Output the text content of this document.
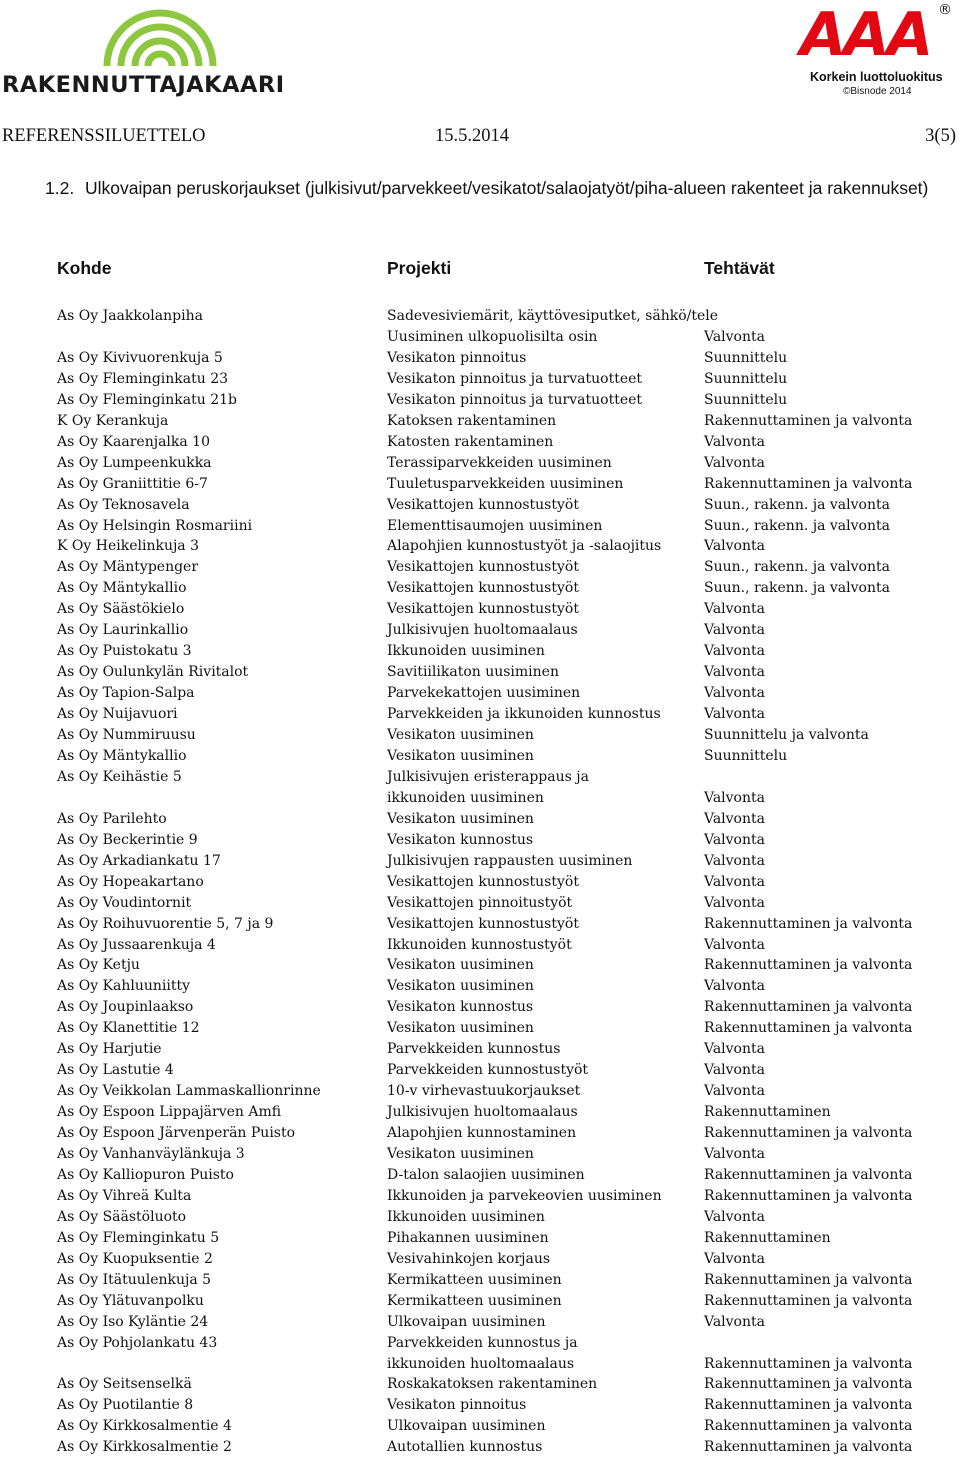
RAKENNUTTAJAKAARI
AAA ®
Korkein luottoluokitus
©Bisnode 2014
REFERENSSILUETTELO	15.5.2014	3(5)
1.2. Ulkovaipan peruskorjaukset (julkisivut/parvekkeet/vesikatot/salaojatyöt/piha-alueen rakenteet ja rakennukset)
Kohde	Projekti	Tehtävät
As Oy Jaakkolanpiha	Sadevesiviemärit, käyttövesiputket, sähkö/tele
Uusiminen ulkopuolisilta osin	Valvonta
As Oy Kivivuorenkuja 5	Vesikaton pinnoitus	Suunnittelu
As Oy Fleminginkatu 23	Vesikaton pinnoitus ja turvatuotteet	Suunnittelu
As Oy Fleminginkatu 21b	Vesikaton pinnoitus ja turvatuotteet	Suunnittelu
K Oy Kerankuja	Katoksen rakentaminen	Rakennuttaminen ja valvonta
As Oy Kaarenjalka 10	Katosten rakentaminen	Valvonta
As Oy Lumpeenkukka	Terassiparvekkeiden uusiminen	Valvonta
As Oy Graniittitie 6-7	Tuuletusparvekkeiden uusiminen	Rakennuttaminen ja valvonta
As Oy Teknosavela	Vesikattojen kunnostustyöt	Suun., rakenn. ja valvonta
As Oy Helsingin Rosmariini	Elementtisaumojen uusiminen	Suun., rakenn. ja valvonta
K Oy Heikelinkuja 3	Alapohjien kunnostustyöt ja -salaojitus	Valvonta
As Oy Mäntypenger	Vesikattojen kunnostustyöt	Suun., rakenn. ja valvonta
As Oy Mäntykallio	Vesikattojen kunnostustyöt	Suun., rakenn. ja valvonta
As Oy Säästökielo	Vesikattojen kunnostustyöt	Valvonta
As Oy Laurinkallio	Julkisivujen huoltomaalaus	Valvonta
As Oy Puistokatu 3	Ikkunoiden uusiminen	Valvonta
As Oy Oulunkylän Rivitalot	Savitiilikaton uusiminen	Valvonta
As Oy Tapion-Salpa	Parvekekattojen uusiminen	Valvonta
As Oy Nuijavuori	Parvekkeiden ja ikkunoiden kunnostus	Valvonta
As Oy Nummiruusu	Vesikaton uusiminen	Suunnittelu ja valvonta
As Oy Mäntykallio	Vesikaton uusiminen	Suunnittelu
As Oy Keihästie 5	Julkisivujen eristerappaus ja
ikkunoiden uusiminen	Valvonta
As Oy Parilehto	Vesikaton uusiminen	Valvonta
As Oy Beckerintie 9	Vesikaton kunnostus	Valvonta
As Oy Arkadiankatu 17	Julkisivujen rappausten uusiminen	Valvonta
As Oy Hopeakartano	Vesikattojen kunnostustyöt	Valvonta
As Oy Voudintornit	Vesikattojen pinnoitustyöt	Valvonta
As Oy Roihuvuorentie 5, 7 ja 9	Vesikattojen kunnostustyöt	Rakennuttaminen ja valvonta
As Oy Jussaarenkuja 4	Ikkunoiden kunnostustyöt	Valvonta
As Oy Ketju	Vesikaton uusiminen	Rakennuttaminen ja valvonta
As Oy Kahluuniitty	Vesikaton uusiminen	Valvonta
As Oy Joupinlaakso	Vesikaton kunnostus	Rakennuttaminen ja valvonta
As Oy Klanettitie 12	Vesikaton uusiminen	Rakennuttaminen ja valvonta
As Oy Harjutie	Parvekkeiden kunnostus	Valvonta
As Oy Lastutie 4	Parvekkeiden kunnostustyöt	Valvonta
As Oy Veikkolan Lammaskallionrinne	10-v virhevastuukorjaukset	Valvonta
As Oy Espoon Lippajärven Amfi	Julkisivujen huoltomaalaus	Rakennuttaminen
As Oy Espoon Järvenperän Puisto	Alapohjien kunnostaminen	Rakennuttaminen ja valvonta
As Oy Vanhanväylänkuja 3	Vesikaton uusiminen	Valvonta
As Oy Kalliopuron Puisto	D-talon salaojien uusiminen	Rakennuttaminen ja valvonta
As Oy Vihreä Kulta	Ikkunoiden ja parvekeovien uusiminen	Rakennuttaminen ja valvonta
As Oy Säästöluoto	Ikkunoiden uusiminen	Valvonta
As Oy Fleminginkatu 5	Pihakannen uusiminen	Rakennuttaminen
As Oy Kuopuksentie 2	Vesivahinkojen korjaus	Valvonta
As Oy Itätuulenkuja 5	Kermikatteen uusiminen	Rakennuttaminen ja valvonta
As Oy Ylätuvanpolku	Kermikatteen uusiminen	Rakennuttaminen ja valvonta
As Oy Iso Kyläntie 24	Ulkovaipan uusiminen	Valvonta
As Oy Pohjolankatu 43	Parvekkeiden kunnostus ja
ikkunoiden huoltomaalaus	Rakennuttaminen ja valvonta
As Oy Seitsenselkä	Roskakatoksen rakentaminen	Rakennuttaminen ja valvonta
As Oy Puotilantie 8	Vesikaton pinnoitus	Rakennuttaminen ja valvonta
As Oy Kirkkosalmentie 4	Ulkovaipan uusiminen	Rakennuttaminen ja valvonta
As Oy Kirkkosalmentie 2	Autotallien kunnostus	Rakennuttaminen ja valvonta
